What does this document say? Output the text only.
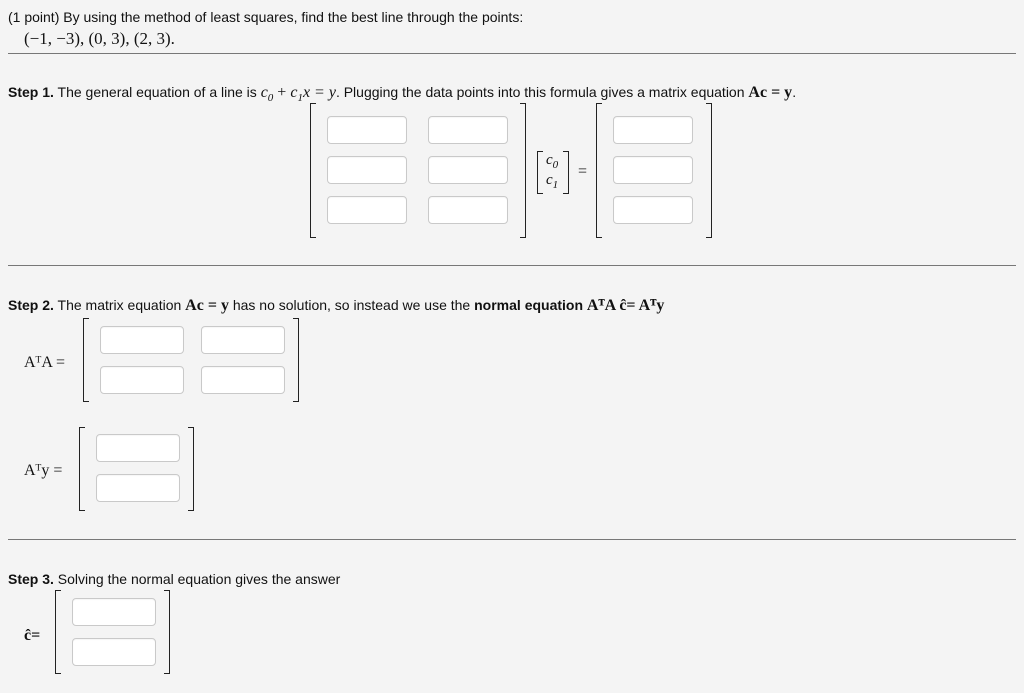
(1 point) By using the method of least squares, find the best line through the points:
(−1, −3), (0, 3), (2, 3).
Step 1. The general equation of a line is $c_0 + c_1x = y$. Plugging the data points into this formula gives a matrix equation Ac = y.
$c_0$
$c_1$
=
Step 2. The matrix equation Ac = y has no solution, so instead we use the normal equation AᵀA ĉ= Aᵀy
AᵀA =
Aᵀy =
Step 3. Solving the normal equation gives the answer
ĉ=
